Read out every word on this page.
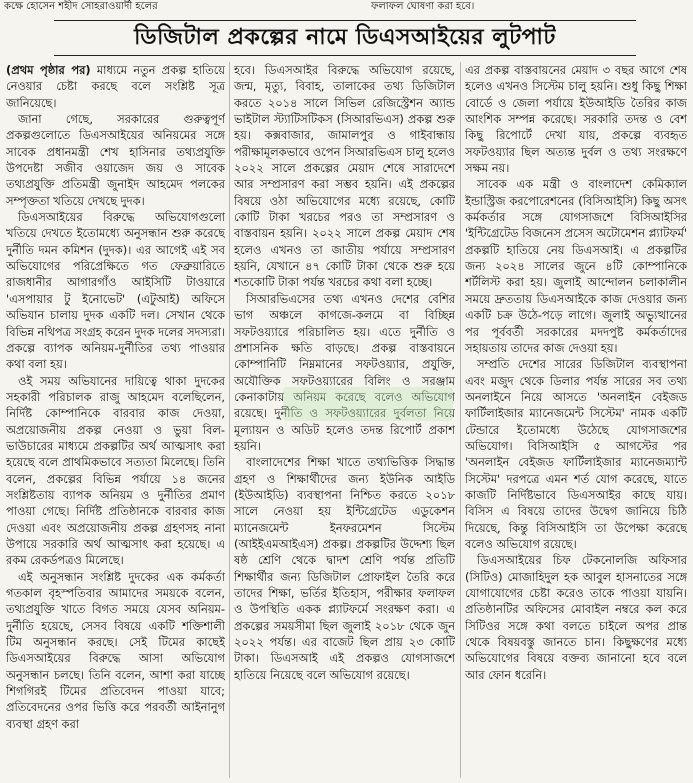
কক্ষে হোসেন শহীদ সোহরাওয়ার্দী হলের	ফলাফল ঘোষণা করা হবে।
ডিজিটাল প্রকল্পের নামে ডিএসআইয়ের লুটপাট

(প্রথম পৃষ্ঠার পর) মাধ্যমে নতুন প্রকল্প হাতিয়ে নেওয়ার চেষ্টা করছে বলে সংশ্লিষ্ট সূত্র জানিয়েছে।

জানা গেছে, সরকারের গুরুত্বপূর্ণ প্রকল্পগুলোতে ডিএসআইয়ের অনিয়মের সঙ্গে সাবেক প্রধানমন্ত্রী শেখ হাসিনার তথ্যপ্রযুক্তি উপদেষ্টা সজীব ওয়াজেদ জয় ও সাবেক তথ্যপ্রযুক্তি প্রতিমন্ত্রী জুনাইদ আহমেদ পলকের সম্পৃক্ততা খতিয়ে দেখছে দুদক।

ডিএসআইয়ের বিরুদ্ধে অভিযোগগুলো খতিয়ে দেখতে ইতোমধ্যে অনুসন্ধান শুরু করেছে দুর্নীতি দমন কমিশন (দুদক)। এর আগেই এই সব অভিযোগের পরিপ্রেক্ষিতে গত ফেব্রুয়ারিতে রাজধানীর আগারগাঁও আইসিটি টাওয়ারে 'এসপায়ার টু ইনোভেট' (এটুআই) অফিসে অভিযান চালায় দুদক একটি দল। সেখান থেকে বিভিন্ন নথিপত্র সংগ্রহ করেন দুদক দলের সদস্যরা। প্রকল্পে ব্যাপক অনিয়ম-দুর্নীতির তথ্য পাওয়ার কথা বলা হয়।

ওই সময় অভিযানের দায়িত্বে থাকা দুদকের সহকারী পরিচালক রাজু আহমেদ বলেছিলেন, নির্দিষ্ট কোম্পানিকে বারবার কাজ দেওয়া, অপ্রয়োজনীয় প্রকল্প নেওয়া ও ভুয়া বিল-ভাউচারের মাধ্যমে প্রকল্পটির অর্থ আত্মসাৎ করা হয়েছে বলে প্রাথমিকভাবে সত্যতা মিলেছে। তিনি বলেন, প্রকল্পের বিভিন্ন পর্যায়ে ১৪ জনের সংশ্লিষ্টতায় ব্যাপক অনিয়ম ও দুর্নীতির প্রমাণ পাওয়া গেছে। নির্দিষ্ট প্রতিষ্ঠানকে বারবার কাজ দেওয়া এবং অপ্রয়োজনীয় প্রকল্প গ্রহণসহ নানা উপায়ে সরকারি অর্থ আত্মসাৎ করা হয়েছে। এ রকম রেকর্ডপত্রও মিলেছে।

এই অনুসন্ধান সংশ্লিষ্ট দুদকের এক কর্মকর্তা গতকাল বৃহস্পতিবার আমাদের সময়কে বলেন, তথ্যপ্রযুক্তি খাতে বিগত সময়ে যেসব অনিয়ম-দুর্নীতি হয়েছে, সেসব বিষয়ে একটি শক্তিশালী টিম অনুসন্ধান করছে। সেই টিমের কাছেই ডিএসআইয়ের বিরুদ্ধে আসা অভিযোগ অনুসন্ধান চলছে। তিনি বলেন, আশা করা যাচ্ছে শিগগিরই টিমের প্রতিবেদন পাওয়া যাবে; প্রতিবেদনের ওপর ভিত্তি করে পরবর্তী আইনানুগ ব্যবস্থা গ্রহণ করা

হবে। ডিএসআইর বিরুদ্ধে অভিযোগ রয়েছে, জন্ম, মৃত্যু, বিবাহ, তালাকের তথ্য ডিজিটাল করতে ২০১৪ সালে সিভিল রেজিস্ট্রেশন অ্যান্ড ভাইটাল স্ট্যাটিসটিকস (সিআরভিএস) প্রকল্প শুরু হয়। কক্সবাজার, জামালপুর ও গাইবান্ধায় পরীক্ষামূলকভাবে ওপেন সিআরভিএস চালু হলেও ২০২২ সালে প্রকল্পের মেয়াদ শেষে সারাদেশে আর সম্প্রসারণ করা সম্ভব হয়নি। এই প্রকল্পের বিষয়ে ওঠা অভিযোগের মধ্যে রয়েছে, কোটি কোটি টাকা খরচের পরও তা সম্প্রসারণ ও বাস্তবায়ন হয়নি। ২০২২ সালে প্রকল্প মেয়াদ শেষ হলেও এখনও তা জাতীয় পর্যায়ে সম্প্রসারণ হয়নি, যেখানে ৪৭ কোটি টাকা থেকে শুরু হয়ে শতকোটি টাকা পর্যন্ত খরচের কথা বলা হচ্ছে।

সিআরভিএসের তথ্য এখনও দেশের বেশির ভাগ অঞ্চলে কাগজে-কলমে বা বিচ্ছিন্ন সফটওয়্যারে পরিচালিত হয়। এতে দুর্নীতি ও প্রশাসনিক ক্ষতি বাড়ছে। প্রকল্প বাস্তবায়নে কোম্পানিটি নিম্নমানের সফটওয়্যার, প্রযুক্তি, অযৌক্তিক সফটওয়্যারের বিলিং ও সরঞ্জাম কেনাকাটায় অনিয়ম করেছে বলেও অভিযোগ রয়েছে। দুর্নীতি ও সফটওয়্যারের দুর্বলতা নিয়ে মূল্যায়ন ও অডিট হলেও তদন্ত রিপোর্ট প্রকাশ হয়নি।

বাংলাদেশের শিক্ষা খাতে তথ্যভিত্তিক সিদ্ধান্ত গ্রহণ ও শিক্ষার্থীদের জন্য ইউনিক আইডি (ইউআইডি) ব্যবস্থাপনা নিশ্চিত করতে ২০১৮ সালে নেওয়া হয় ইন্টিগ্রেটেড এডুকেশন ম্যানেজমেন্ট ইনফরমেশন সিস্টেম (আইইএমআইএস) প্রকল্প। প্রকল্পটির উদ্দেশ্য ছিল ষষ্ঠ শ্রেণি থেকে দ্বাদশ শ্রেণি পর্যন্ত প্রতিটি শিক্ষার্থীর জন্য ডিজিটাল প্রোফাইল তৈরি করে তাদের শিক্ষা, ভর্তির ইতিহাস, পরীক্ষার ফলাফল ও উপস্থিতি একক প্ল্যাটফর্মে সংরক্ষণ করা। এ প্রকল্পের সময়সীমা ছিল জুলাই ২০১৮ থেকে জুন ২০২২ পর্যন্ত। এর বাজেট ছিল প্রায় ২৩ কোটি টাকা। ডিএসআই এই প্রকল্পও যোগসাজশে হাতিয়ে নিয়েছে বলে অভিযোগ রয়েছে।

এর প্রকল্প বাস্তবায়নের মেয়াদ ৩ বছর আগে শেষ হলেও এখনও সিস্টেম চালু হয়নি। শুধু কিছু শিক্ষা বোর্ডে ও জেলা পর্যায়ে ইউআইডি তৈরির কাজ আংশিক সম্পন্ন করেছে। সরকারি তদন্ত ও বেশ কিছু রিপোর্টে দেখা যায়, প্রকল্পে ব্যবহৃত সফটওয়্যার ছিল অত্যন্ত দুর্বল ও তথ্য সংরক্ষণে সক্ষম নয়।

সাবেক এক মন্ত্রী ও বাংলাদেশ কেমিক্যাল ইন্ডাস্ট্রিজ করপোরেশনের (বিসিআইসি) কিছু অসৎ কর্মকর্তার সঙ্গে যোগসাজশে বিসিআইসির 'ইন্টিগ্রেটেড বিজনেস প্রসেস অটোমেশন প্ল্যাটফর্ম' প্রকল্পটি হাতিয়ে নেয় ডিএসআই। এ প্রকল্পটির জন্য ২০২৪ সালের জুনে ৪টি কোম্পানিকে শর্টলিস্ট করা হয়। জুলাই আন্দোলন চলাকালীন সময়ে দ্রুততায় ডিএসআইকে কাজ দেওয়ার জন্য একটি চক্র উঠে-পড়ে লাগে। জুলাই অভ্যুত্থানের পর পূর্ববর্তী সরকারের মদদপুষ্ট কর্মকর্তাদের সহায়তায় তাদের কাজ দেওয়া হয়।

সম্প্রতি দেশের সারের ডিজিটাল ব্যবস্থাপনা এবং মজুদ থেকে ডিলার পর্যন্ত সারের সব তথ্য অনলাইনে নিয়ে আসতে 'অনলাইন বেইজড ফার্টিলাইজার ম্যানেজমেন্ট সিস্টেম' নামক একটি টেন্ডারে ইতোমধ্যে উঠেছে যোগসাজশের অভিযোগ। বিসিআইসি ৫ আগস্টের পর 'অনলাইন বেইজড ফার্টিলাইজার ম্যানেজম্যান্ট সিস্টেম' দরপত্রে এমন শর্ত যোগ করেছে, যাতে কাজটি নির্দিষ্টভাবে ডিএসআইর কাছে যায়। বিসিস এ বিষয়ে তাদের উদ্বেগ জানিয়ে চিঠি দিয়েছে, কিন্তু বিসিআইসি তা উপেক্ষা করেছে বলেও অভিযোগ রয়েছে।

ডিএসআইয়ের চিফ টেকনোলজি অফিসার (সিটিও) মোজাহিদুল হক আবুল হাসনাতের সঙ্গে যোগাযোগের চেষ্টা করেও তাকে পাওয়া যায়নি। প্রতিষ্ঠানটির অফিসের মোবাইল নম্বরে কল করে সিটিওর সঙ্গে কথা বলতে চাইলে অপর প্রান্ত থেকে বিষয়বস্তু জানতে চান। কিছুক্ষণের মধ্যে অভিযোগের বিষয়ে বক্তব্য জানানো হবে বলে আর ফোন ধরেনি।
